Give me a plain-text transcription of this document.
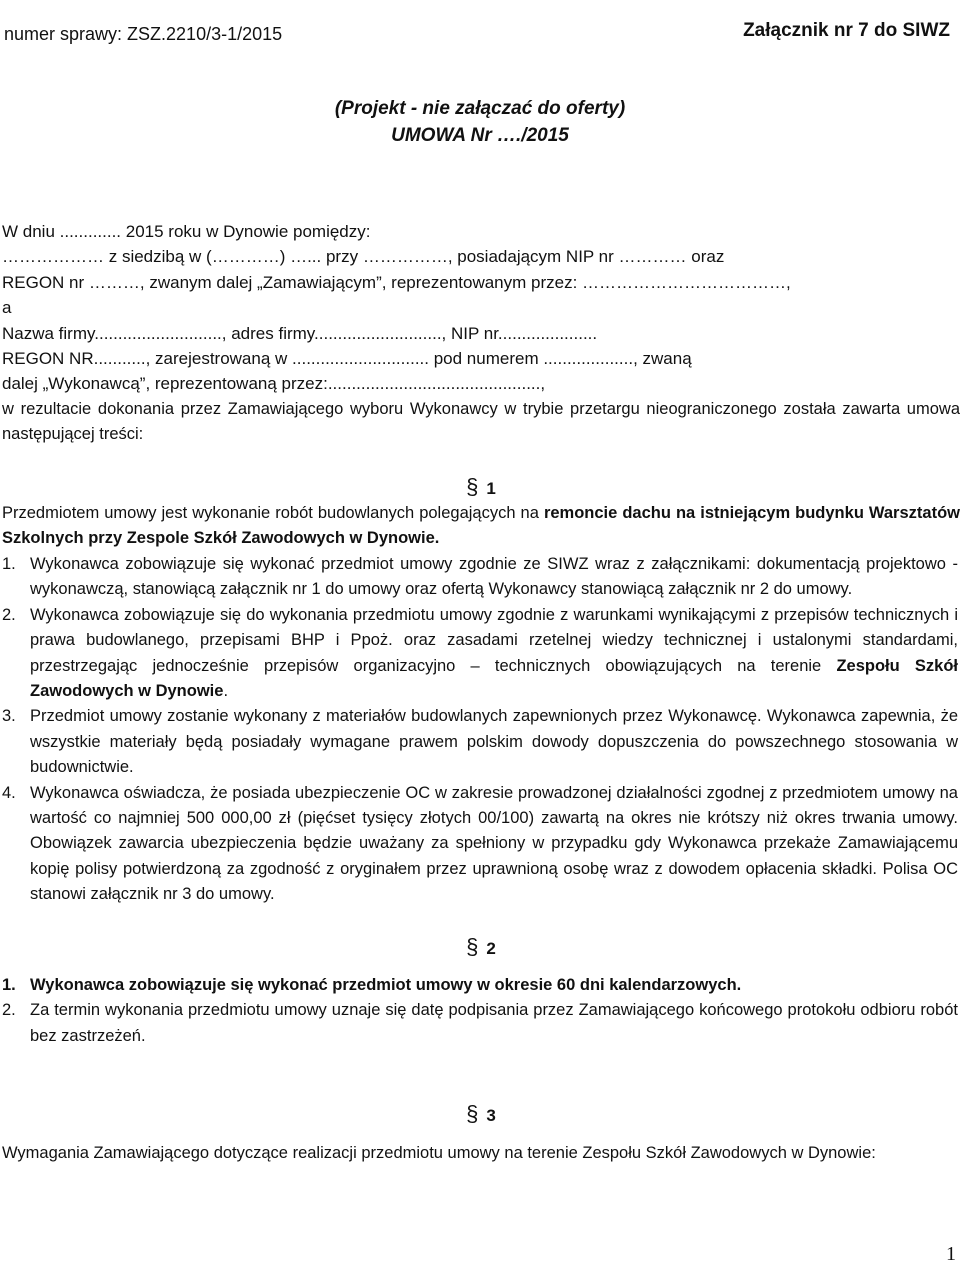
numer sprawy: ZSZ.2210/3-1/2015	Załącznik nr 7 do SIWZ
(Projekt - nie załączać do oferty)
UMOWA Nr …./2015

W dniu ............. 2015 roku w Dynowie pomiędzy:

……………… z siedzibą w (…………) …... przy ……………, posiadającym NIP nr ………… oraz

REGON nr ………, zwanym dalej „Zamawiającym”, reprezentowanym przez: ………………………………,

a

Nazwa firmy..........................., adres firmy..........................., NIP nr.....................

REGON NR..........., zarejestrowaną w ............................. pod numerem ..................., zwaną

dalej „Wykonawcą”, reprezentowaną przez:.............................................,

w rezultacie dokonania przez Zamawiającego wyboru Wykonawcy w trybie przetargu nieograniczonego została zawarta umowa następującej treści:

§ 1

Przedmiotem umowy jest wykonanie robót budowlanych polegających na remoncie dachu na istniejącym budynku Warsztatów Szkolnych przy Zespole Szkół Zawodowych w Dynowie.

1. Wykonawca zobowiązuje się wykonać przedmiot umowy zgodnie ze SIWZ wraz z załącznikami: dokumentacją projektowo - wykonawczą, stanowiącą załącznik nr 1 do umowy oraz ofertą Wykonawcy stanowiącą załącznik nr 2 do umowy.
2. Wykonawca zobowiązuje się do wykonania przedmiotu umowy zgodnie z warunkami wynikającymi z przepisów technicznych i prawa budowlanego, przepisami BHP i Ppoż. oraz zasadami rzetelnej wiedzy technicznej i ustalonymi standardami, przestrzegając jednocześnie przepisów organizacyjno – technicznych obowiązujących na terenie Zespołu Szkół Zawodowych w Dynowie.
3. Przedmiot umowy zostanie wykonany z materiałów budowlanych zapewnionych przez Wykonawcę. Wykonawca zapewnia, że wszystkie materiały będą posiadały wymagane prawem polskim dowody dopuszczenia do powszechnego stosowania w budownictwie.
4. Wykonawca oświadcza, że posiada ubezpieczenie OC w zakresie prowadzonej działalności zgodnej z przedmiotem umowy na wartość co najmniej 500 000,00 zł (pięćset tysięcy złotych 00/100) zawartą na okres nie krótszy niż okres trwania umowy. Obowiązek zawarcia ubezpieczenia będzie uważany za spełniony w przypadku gdy Wykonawca przekaże Zamawiającemu kopię polisy potwierdzoną za zgodność z oryginałem przez uprawnioną osobę wraz z dowodem opłacenia składki. Polisa OC stanowi załącznik nr 3 do umowy.

§ 2

1. Wykonawca zobowiązuje się wykonać przedmiot umowy w okresie 60 dni kalendarzowych.
2. Za termin wykonania przedmiotu umowy uznaje się datę podpisania przez Zamawiającego końcowego protokołu odbioru robót bez zastrzeżeń.

§ 3

Wymagania Zamawiającego dotyczące realizacji przedmiotu umowy na terenie Zespołu Szkół Zawodowych w Dynowie:

1
